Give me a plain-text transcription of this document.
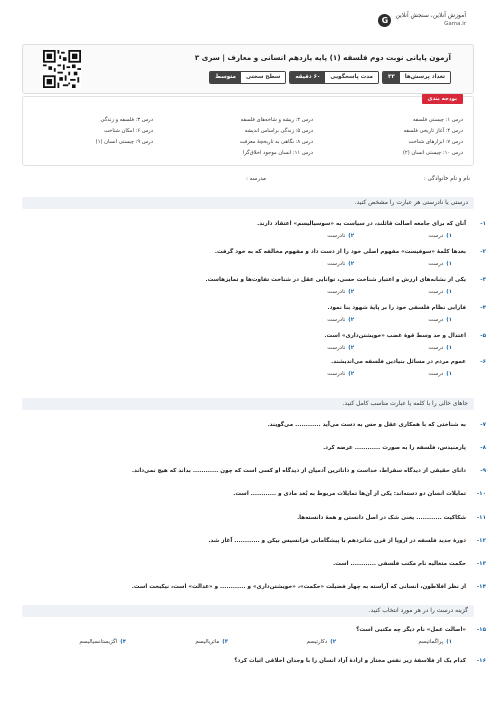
آموزش آنلاین، سنجش آنلاین
Gama.ir
G
آزمون پایانی نوبت دوم فلسفه (۱) پایه یازدهم انسانی و معارف | سری ۳
تعداد پرسش‌ها
۳۳
مدت پاسخگویی
۶۰ دقیقه
سطح سختی
متوسط
بودجه بندی
درس ۱: چیستی فلسفه
درس ۴: آغاز تاریخی فلسفه
درس ۷: ابزارهای شناخت
درس ۱۰: چیستی انسان (۲)
درس ۲: ریشه و شاخه‌های فلسفه
درس ۵: زندگی براساس اندیشه
درس ۸: نگاهی به تاریخچهٔ معرفت
درس ۱۱: انسان موجود اخلاق‌گرا
درس ۳: فلسفه و زندگی
درس ۶: امکان شناخت
درس ۹: چیستی انسان (۱)
نام و نام خانوادگی :
مدرسه :
درستی یا نادرستی هر عبارت را مشخص کنید.
-۱
آنان که برای جامعه اصالت قائلند، در سیاست به «سوسیالیسم» اعتقاد دارند.
۱)درست
۲)نادرست
-۲
بعدها کلمهٔ «سوفیست» مفهوم اصلی خود را از دست داد و مفهوم مخالفه که به خود گرفت.
۱)درست
۲)نادرست
-۳
یکی از نشانه‌های ارزش و اعتبار شناخت حسی، توانایی عقل در شناخت تفاوت‌ها و تمایزهاست.
۱)درست
۲)نادرست
-۴
فارابی نظام فلسفی خود را بر پایهٔ شهود بنا نمود.
۱)درست
۲)نادرست
-۵
اعتدال و حد وسط قوهٔ غضب «خویشتن‌داری» است.
۱)درست
۲)نادرست
-۶
عموم مردم در مسائل بنیادین فلسفه می‌اندیشند.
۱)درست
۲)نادرست
جاهای خالی را با کلمه یا عبارت مناسب کامل کنید.
-۷
به شناختی که با همکاری عقل و حس به دست می‌آید ............ می‌گویند.
-۸
پارمنیدس، فلسفه را به صورت ............ عرضه کرد.
-۹
دانای حقیقی از دیدگاه سقراط، خداست و داناترین آدمیان از دیدگاه او کسی است که چون ............ بداند که هیچ نمی‌داند.
-۱۰
تمایلات انسان دو دسته‌اند: یکی از آن‌ها تمایلات مربوط به بُعد مادی و ............ است.
-۱۱
شکاکیت ............ یعنی شک در اصل دانستن و همهٔ دانسته‌ها.
-۱۲
دورهٔ جدید فلسفه در اروپا از قرن شانزدهم با پیشگامانی فرانسیس بیکن و ............ آغاز شد.
-۱۳
حکمت متعالیه نام مکتب فلسفی ............ است.
-۱۴
از نظر افلاطون، انسانی که آراسته به چهار فضیلت «حکمت»، «خویشتن‌داری» و ............ و «عدالت» است، نیکبخت است.
گزینه درست را در هر مورد انتخاب کنید.
-۱۵
«اصالت عمل» نام دیگر چه مکتبی است؟
۱)پراگماتیسم
۲)دکارتیسم
۳)ماتریالیسم
۴)اگزیستانسیالیسم
-۱۶
کدام یک از فلاسفهٔ زیر نفس مختار و ارادهٔ آزاد انسان را با وجدان اخلاقی اثبات کرد؟
